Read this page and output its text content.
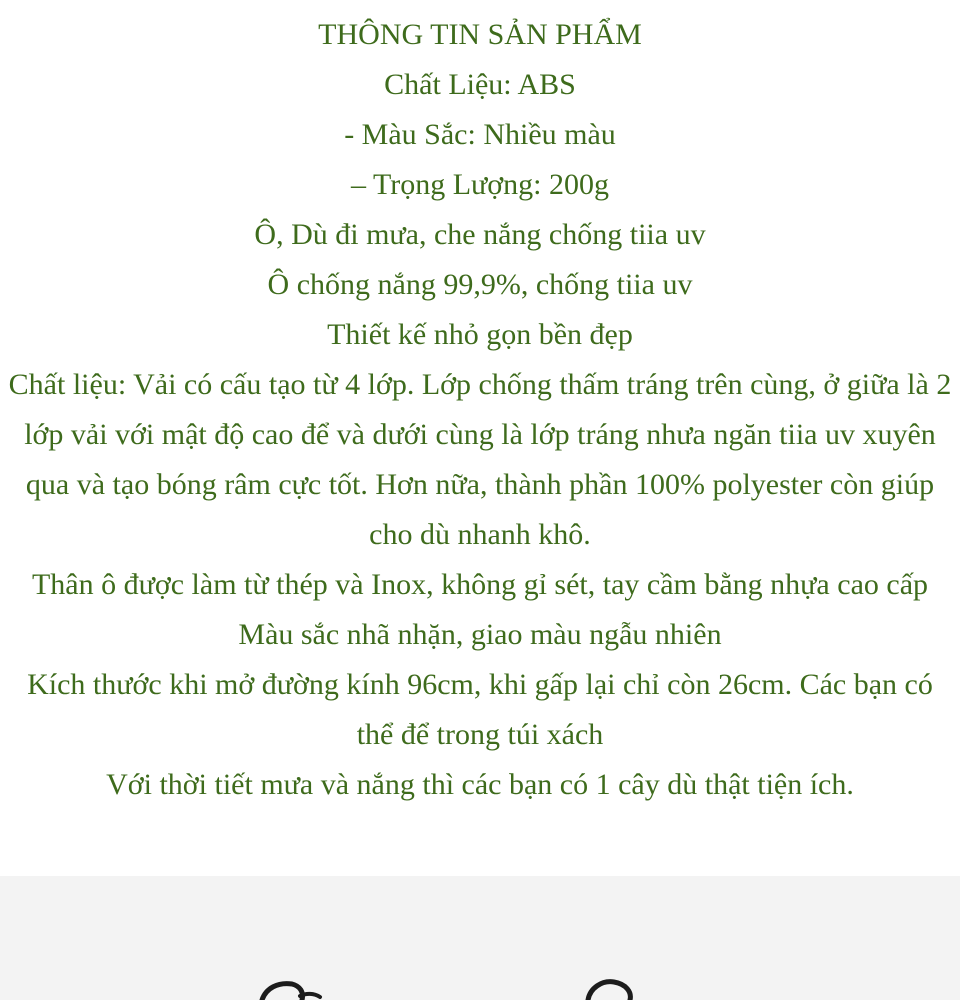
THÔNG TIN SẢN PHẨM

Chất Liệu: ABS

- Màu Sắc: Nhiều màu

– Trọng Lượng: 200g

Ô, Dù đi mưa, che nắng chống tiia uv

Ô chống nắng 99,9%, chống tiia uv

Thiết kế nhỏ gọn bền đẹp

Chất liệu: Vải có cấu tạo từ 4 lớp. Lớp chống thấm tráng trên cùng, ở giữa là 2 lớp vải với mật độ cao để và dưới cùng là lớp tráng nhưa ngăn tiia uv xuyên qua và tạo bóng râm cực tốt. Hơn nữa, thành phần 100% polyester còn giúp cho dù nhanh khô.

Thân ô được làm từ thép và Inox, không gỉ sét, tay cầm bằng nhựa cao cấp

Màu sắc nhã nhặn, giao màu ngẫu nhiên

Kích thước khi mở đường kính 96cm, khi gấp lại chỉ còn 26cm. Các bạn có thể để trong túi xách

Với thời tiết mưa và nắng thì các bạn có 1 cây dù thật tiện ích.
